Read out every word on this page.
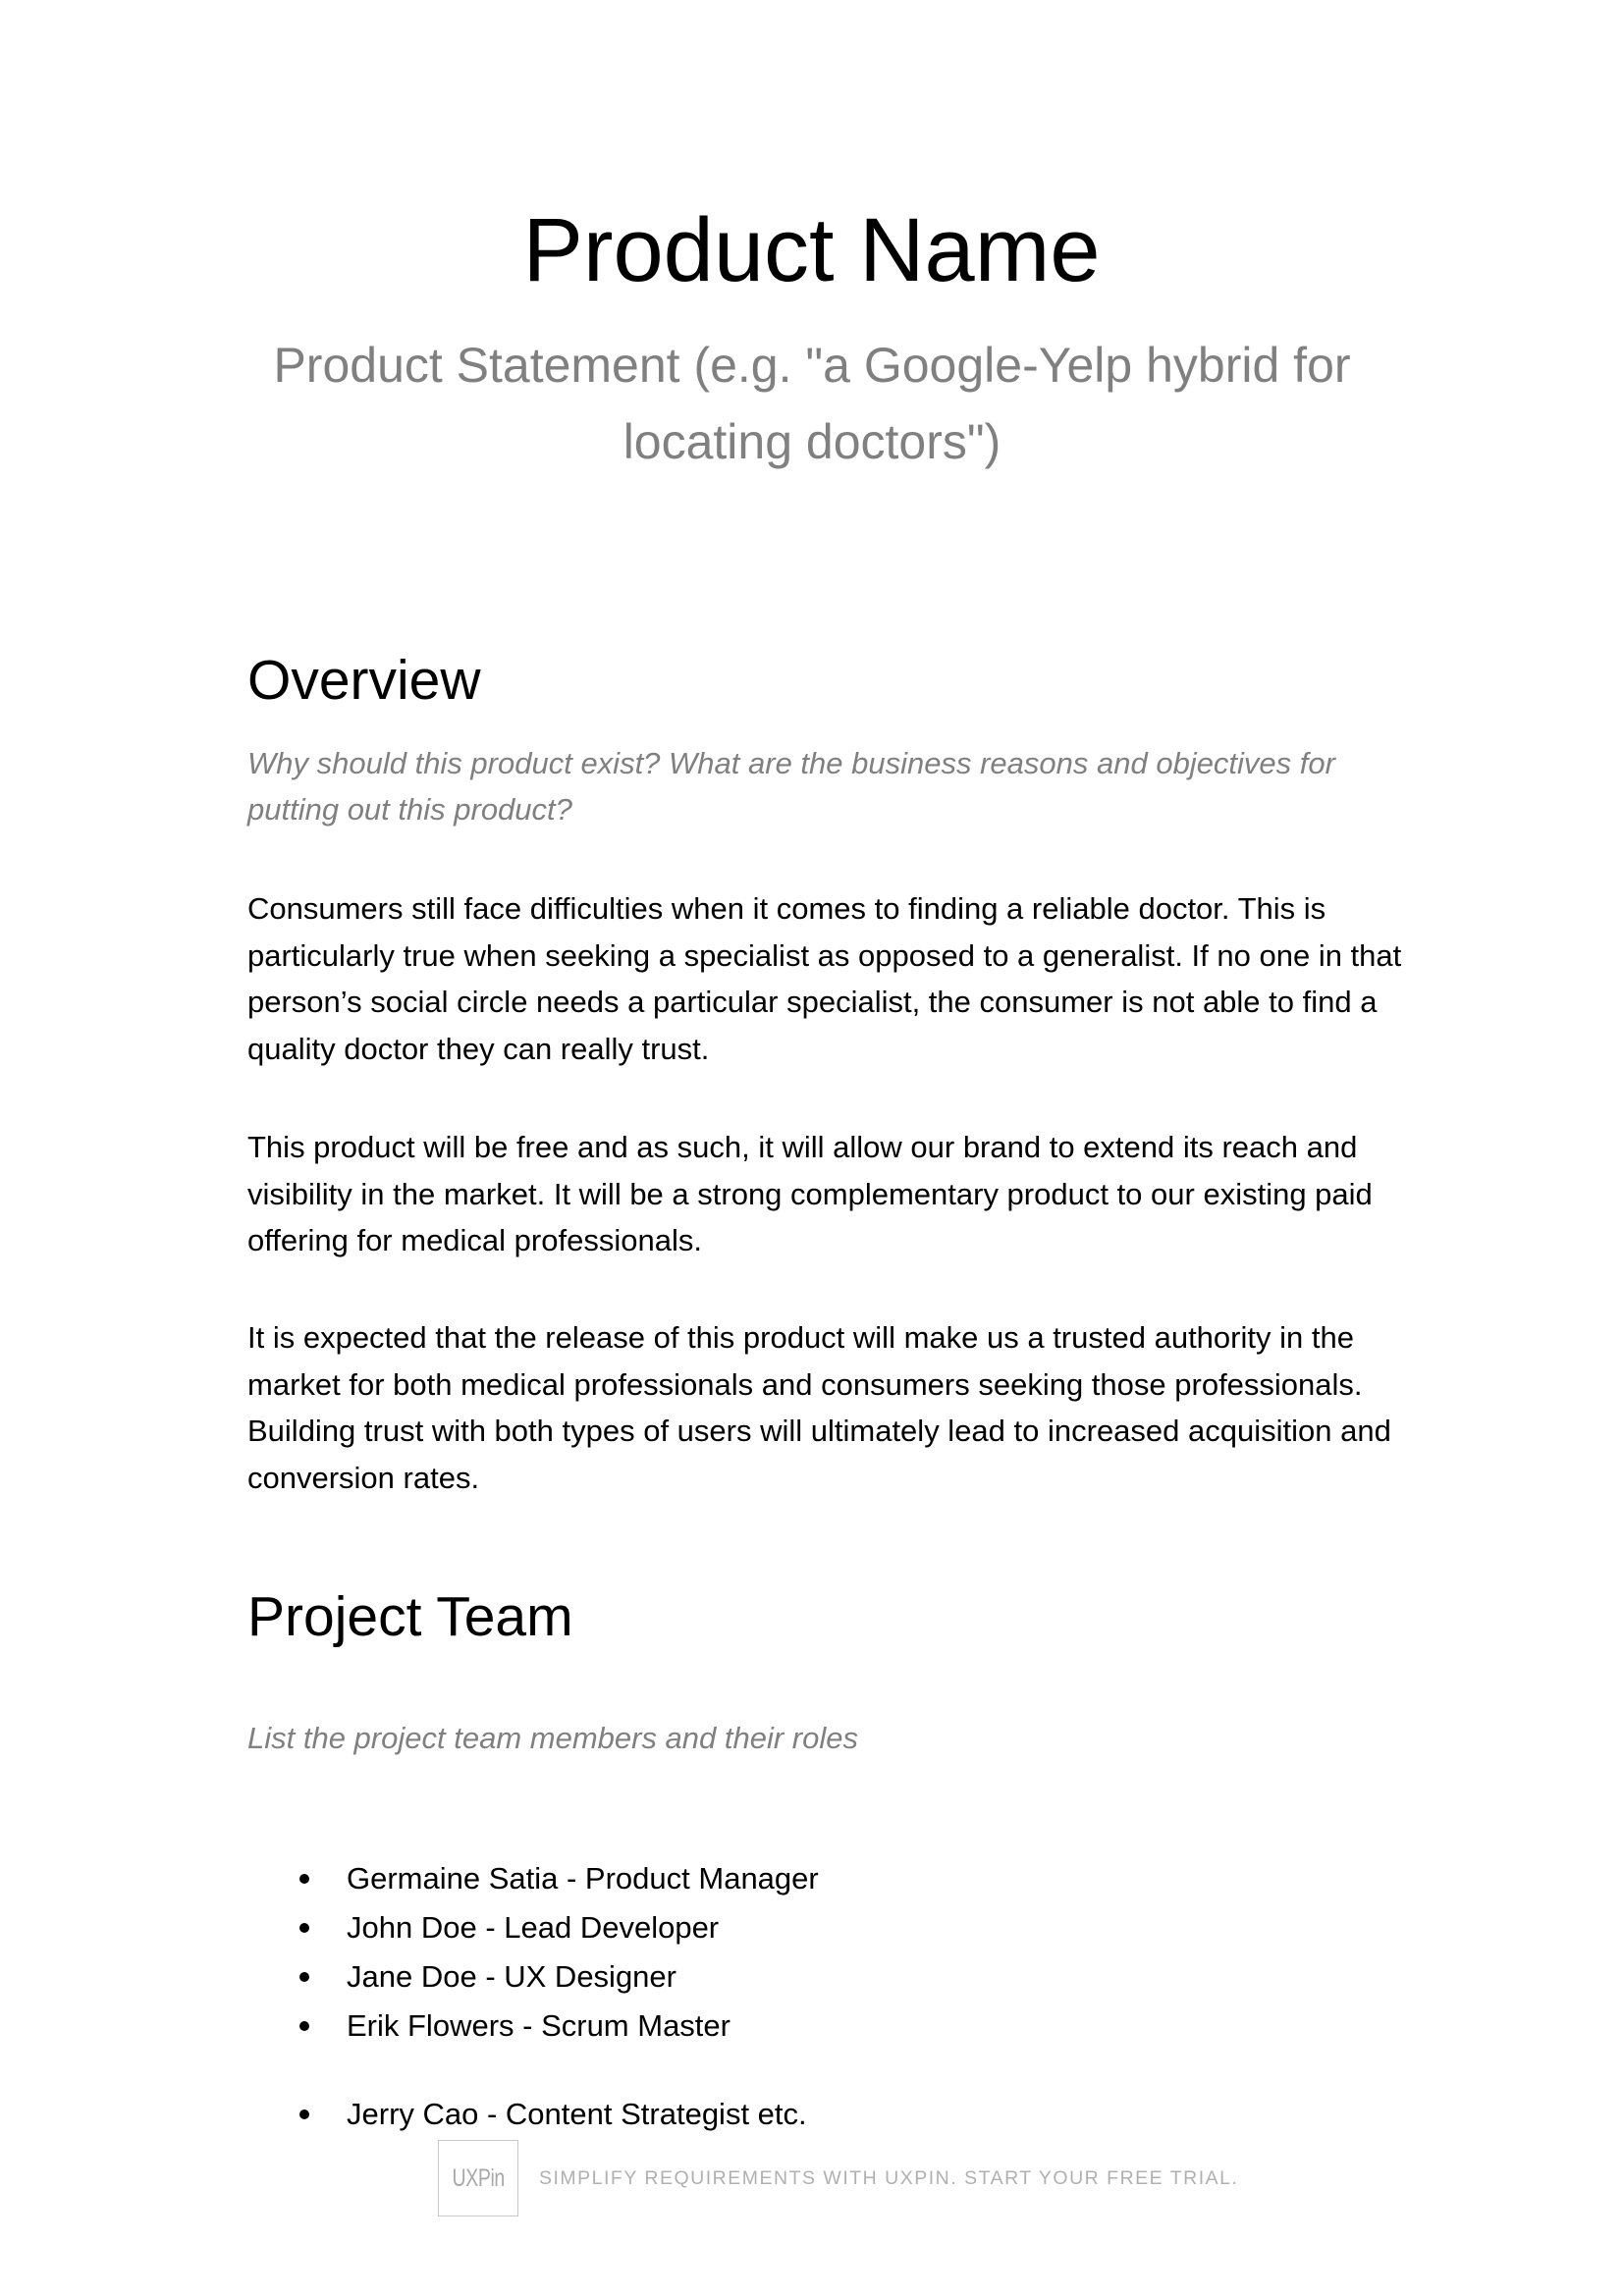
Product Name

Product Statement (e.g. "a Google-Yelp hybrid for locating doctors")

Overview

Why should this product exist? What are the business reasons and objectives for putting out this product?

Consumers still face difficulties when it comes to finding a reliable doctor. This is particularly true when seeking a specialist as opposed to a generalist. If no one in that person’s social circle needs a particular specialist, the consumer is not able to find a quality doctor they can really trust.

This product will be free and as such, it will allow our brand to extend its reach and visibility in the market. It will be a strong complementary product to our existing paid offering for medical professionals.

It is expected that the release of this product will make us a trusted authority in the market for both medical professionals and consumers seeking those professionals. Building trust with both types of users will ultimately lead to increased acquisition and conversion rates.

Project Team

List the project team members and their roles

Germaine Satia - Product Manager
John Doe - Lead Developer
Jane Doe - UX Designer
Erik Flowers - Scrum Master
Jerry Cao - Content Strategist etc.
UXPin SIMPLIFY REQUIREMENTS WITH UXPIN. START YOUR FREE TRIAL.
